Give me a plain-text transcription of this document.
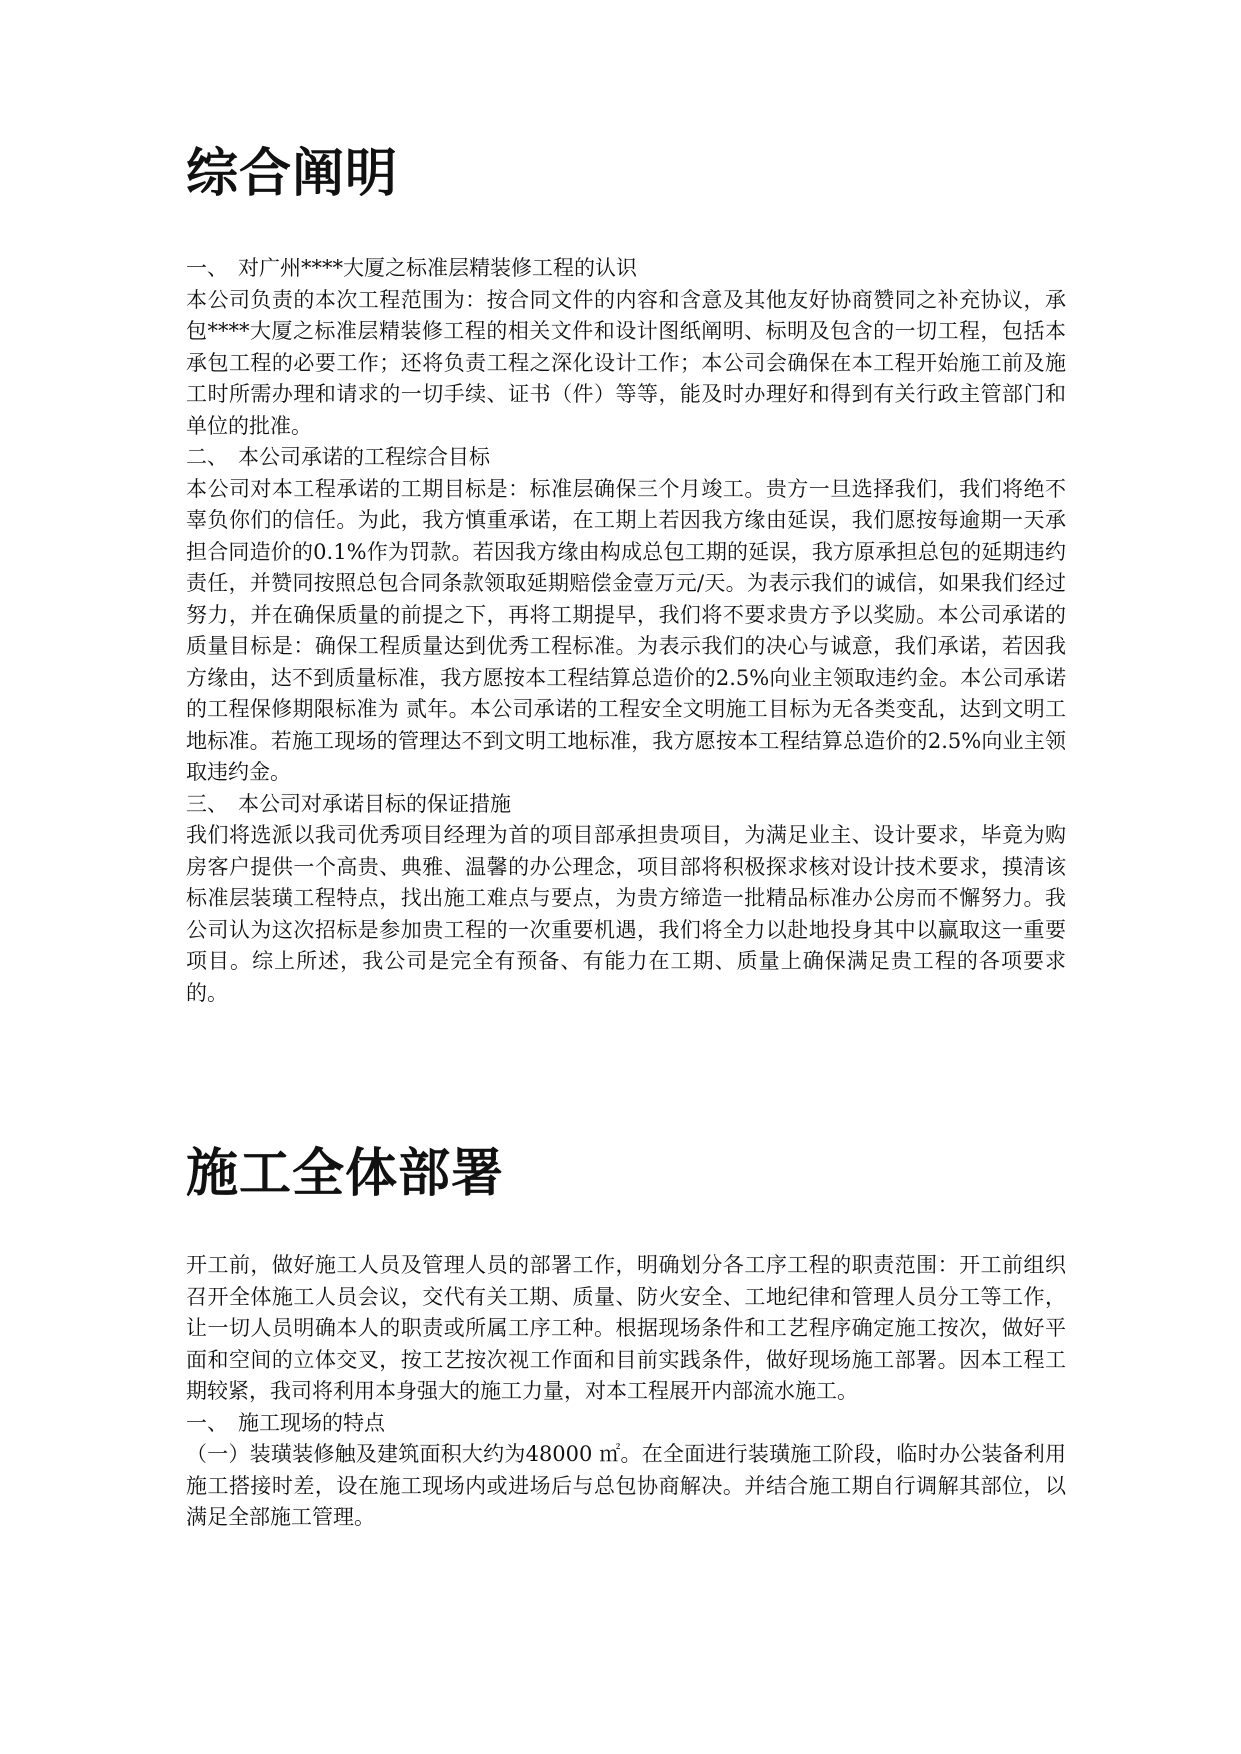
综合阐明

一、 对广州****大厦之标准层精装修工程的认识

本公司负责的本次工程范围为：按合同文件的内容和含意及其他友好协商赞同之补充协议，承包****大厦之标准层精装修工程的相关文件和设计图纸阐明、标明及包含的一切工程，包括本承包工程的必要工作；还将负责工程之深化设计工作；本公司会确保在本工程开始施工前及施工时所需办理和请求的一切手续、证书（件）等等，能及时办理好和得到有关行政主管部门和单位的批准。

二、 本公司承诺的工程综合目标

本公司对本工程承诺的工期目标是：标准层确保三个月竣工。贵方一旦选择我们，我们将绝不辜负你们的信任。为此，我方慎重承诺，在工期上若因我方缘由延误，我们愿按每逾期一天承担合同造价的0.1%作为罚款。若因我方缘由构成总包工期的延误，我方原承担总包的延期违约责任，并赞同按照总包合同条款领取延期赔偿金壹万元/天。为表示我们的诚信，如果我们经过努力，并在确保质量的前提之下，再将工期提早，我们将不要求贵方予以奖励。本公司承诺的质量目标是：确保工程质量达到优秀工程标准。为表示我们的决心与诚意，我们承诺，若因我方缘由，达不到质量标准，我方愿按本工程结算总造价的2.5%向业主领取违约金。本公司承诺的工程保修期限标准为 贰年。本公司承诺的工程安全文明施工目标为无各类变乱，达到文明工地标准。若施工现场的管理达不到文明工地标准，我方愿按本工程结算总造价的2.5%向业主领取违约金。

三、 本公司对承诺目标的保证措施

我们将选派以我司优秀项目经理为首的项目部承担贵项目，为满足业主、设计要求，毕竟为购房客户提供一个高贵、典雅、温馨的办公理念，项目部将积极探求核对设计技术要求，摸清该标准层装璜工程特点，找出施工难点与要点，为贵方缔造一批精品标准办公房而不懈努力。我公司认为这次招标是参加贵工程的一次重要机遇，我们将全力以赴地投身其中以赢取这一重要项目。综上所述，我公司是完全有预备、有能力在工期、质量上确保满足贵工程的各项要求的。

施工全体部署

开工前，做好施工人员及管理人员的部署工作，明确划分各工序工程的职责范围：开工前组织召开全体施工人员会议，交代有关工期、质量、防火安全、工地纪律和管理人员分工等工作，让一切人员明确本人的职责或所属工序工种。根据现场条件和工艺程序确定施工按次，做好平面和空间的立体交叉，按工艺按次视工作面和目前实践条件，做好现场施工部署。因本工程工期较紧，我司将利用本身强大的施工力量，对本工程展开内部流水施工。

一、 施工现场的特点

（一）装璜装修触及建筑面积大约为48000 ㎡。在全面进行装璜施工阶段，临时办公装备利用施工搭接时差，设在施工现场内或进场后与总包协商解决。并结合施工期自行调解其部位，以满足全部施工管理。
